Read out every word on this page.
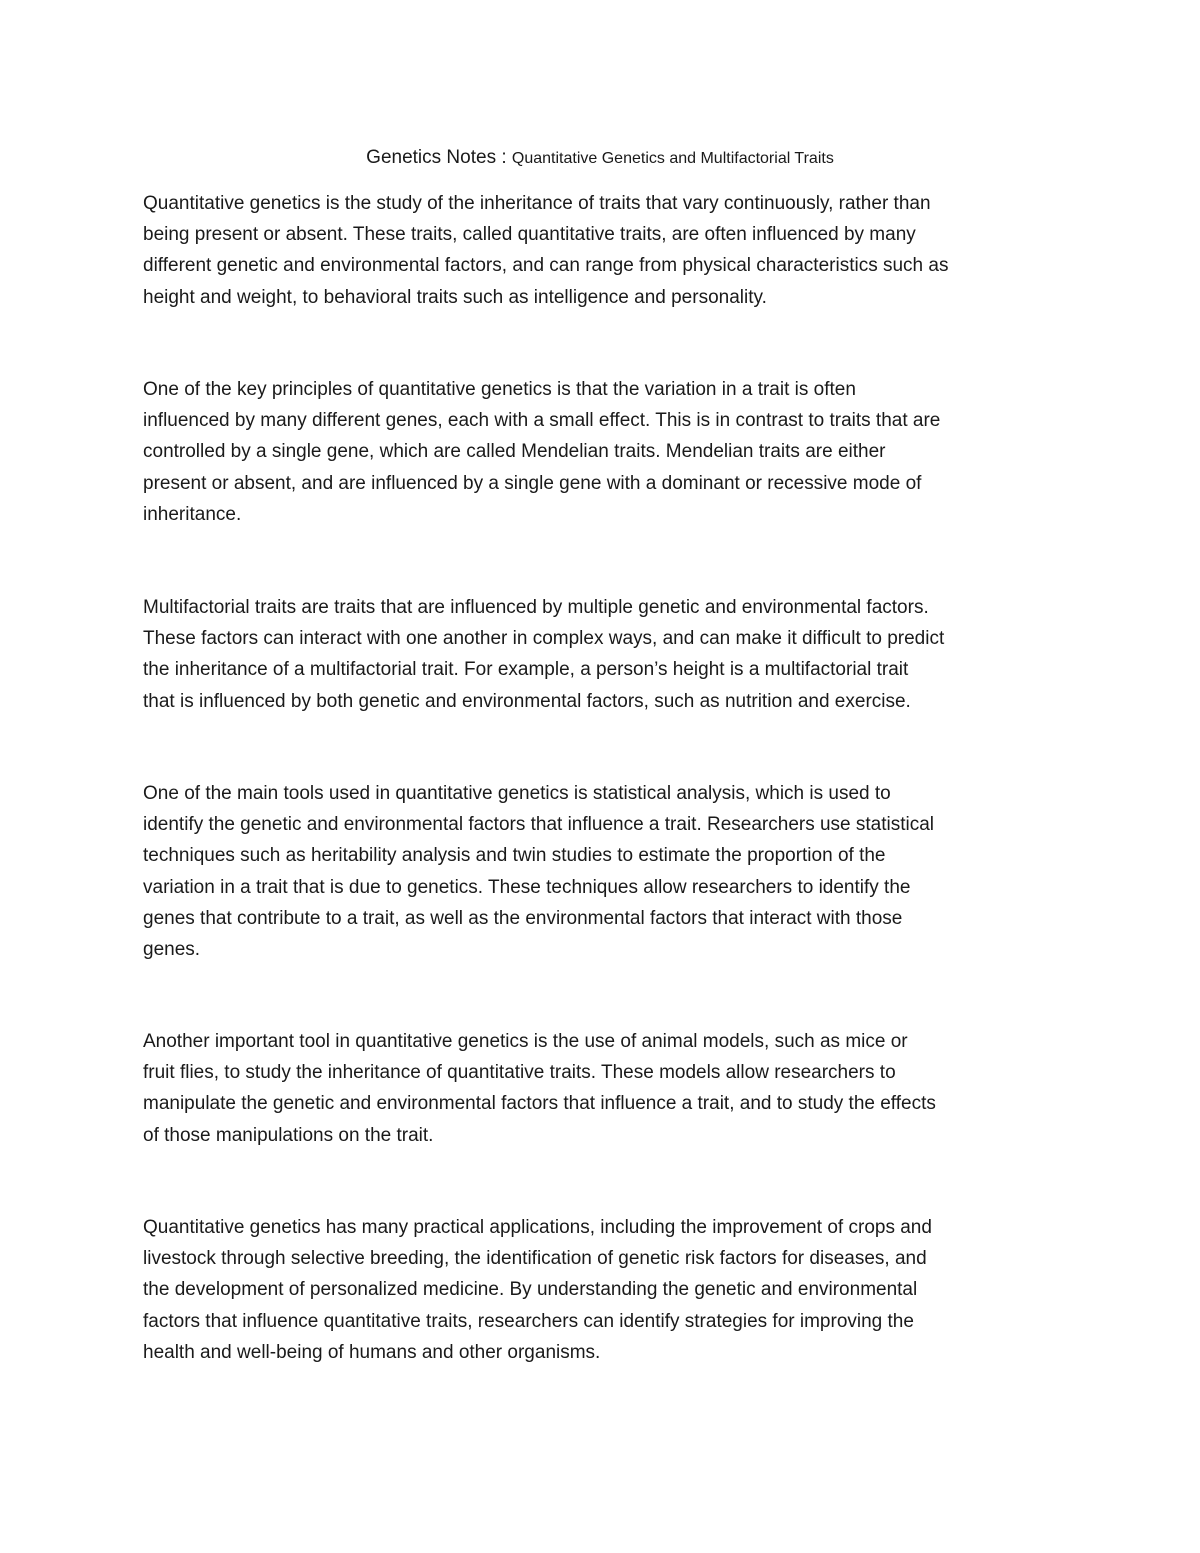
Genetics Notes : Quantitative Genetics and Multifactorial Traits
Quantitative genetics is the study of the inheritance of traits that vary continuously, rather than
being present or absent. These traits, called quantitative traits, are often influenced by many
different genetic and environmental factors, and can range from physical characteristics such as
height and weight, to behavioral traits such as intelligence and personality.
One of the key principles of quantitative genetics is that the variation in a trait is often
influenced by many different genes, each with a small effect. This is in contrast to traits that are
controlled by a single gene, which are called Mendelian traits. Mendelian traits are either
present or absent, and are influenced by a single gene with a dominant or recessive mode of
inheritance.
Multifactorial traits are traits that are influenced by multiple genetic and environmental factors.
These factors can interact with one another in complex ways, and can make it difficult to predict
the inheritance of a multifactorial trait. For example, a person’s height is a multifactorial trait
that is influenced by both genetic and environmental factors, such as nutrition and exercise.
One of the main tools used in quantitative genetics is statistical analysis, which is used to
identify the genetic and environmental factors that influence a trait. Researchers use statistical
techniques such as heritability analysis and twin studies to estimate the proportion of the
variation in a trait that is due to genetics. These techniques allow researchers to identify the
genes that contribute to a trait, as well as the environmental factors that interact with those
genes.
Another important tool in quantitative genetics is the use of animal models, such as mice or
fruit flies, to study the inheritance of quantitative traits. These models allow researchers to
manipulate the genetic and environmental factors that influence a trait, and to study the effects
of those manipulations on the trait.
Quantitative genetics has many practical applications, including the improvement of crops and
livestock through selective breeding, the identification of genetic risk factors for diseases, and
the development of personalized medicine. By understanding the genetic and environmental
factors that influence quantitative traits, researchers can identify strategies for improving the
health and well-being of humans and other organisms.
